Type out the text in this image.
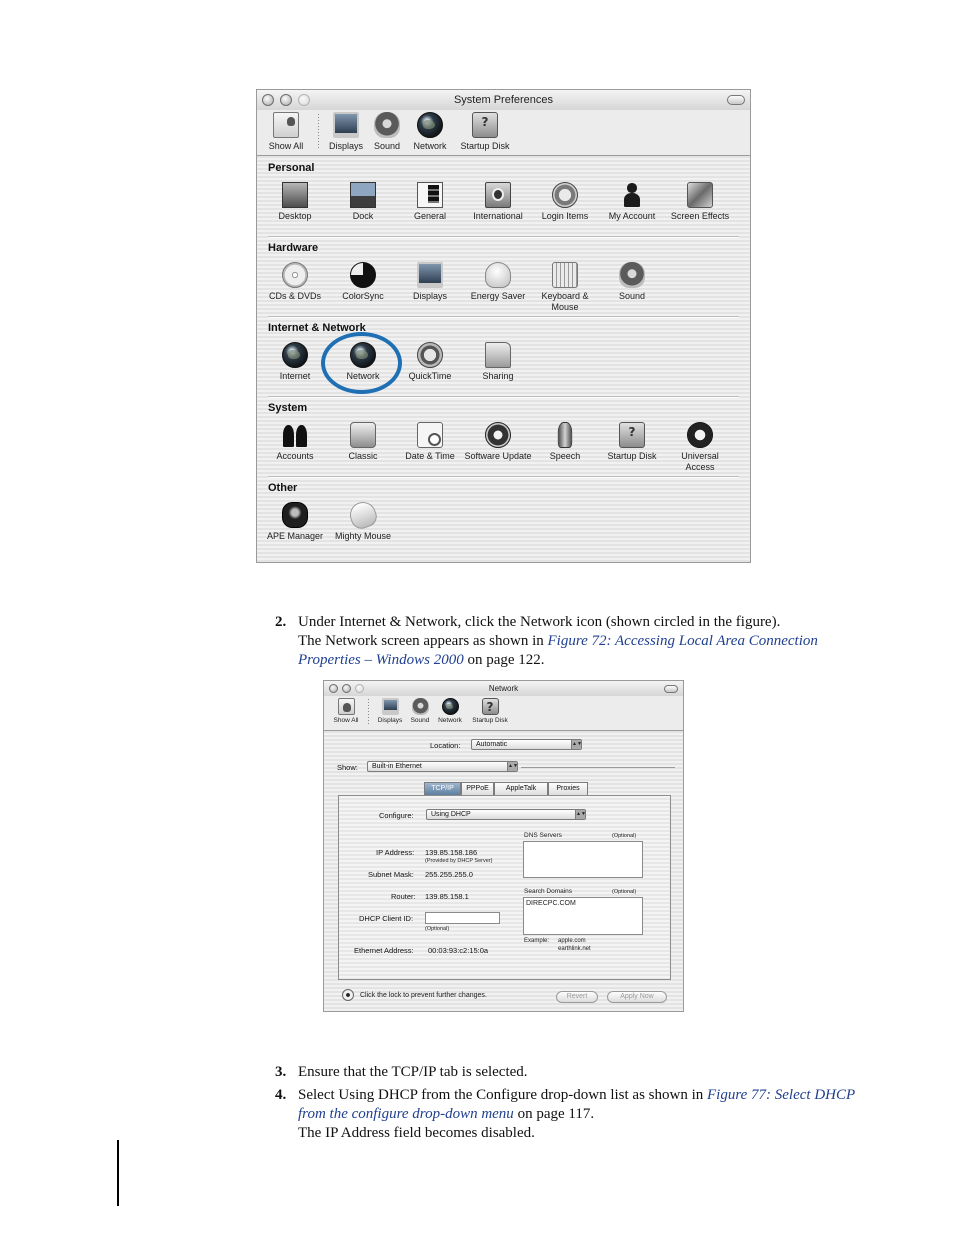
System Preferences
Show All	Displays	Sound	Network
?	Startup Disk
Personal
Desktop	Dock	General	International	Login Items	My Account	Screen Effects
Hardware
CDs & DVDs	ColorSync	Displays	Energy Saver	Keyboard & Mouse
Sound
Internet & Network
Internet	Network	QuickTime	Sharing
System
Accounts	Classic	Date & Time	Software Update	Speech
?	Startup Disk	Universal Access
Other
APE Manager	Mighty Mouse
2. Under Internet & Network, click the Network icon (shown circled in the figure).
The Network screen appears as shown in Figure 72: Accessing Local Area Connection
Properties – Windows 2000 on page 122.
Network
Show All	Displays	Sound	Network
?	Startup Disk
Location:	Automatic	▲▼
Show:	Built-in Ethernet	▲▼
TCP/IP	PPPoE	AppleTalk	Proxies
Configure:	Using DHCP	▲▼
DNS Servers	(Optional)
IP Address: 139.85.158.186
(Provided by DHCP Server)
Subnet Mask: 255.255.255.0
Search Domains	(Optional)
DIRECPC.COM
Router: 139.85.158.1
DHCP Client ID:
(Optional)
Example: apple.com
earthlink.net
Ethernet Address: 00:03:93:c2:15:0a
Click the lock to prevent further changes.	Revert	Apply Now
3. Ensure that the TCP/IP tab is selected.
4. Select Using DHCP from the Configure drop-down list as shown in Figure 77: Select DHCP
from the configure drop-down menu on page 117.
The IP Address field becomes disabled.
